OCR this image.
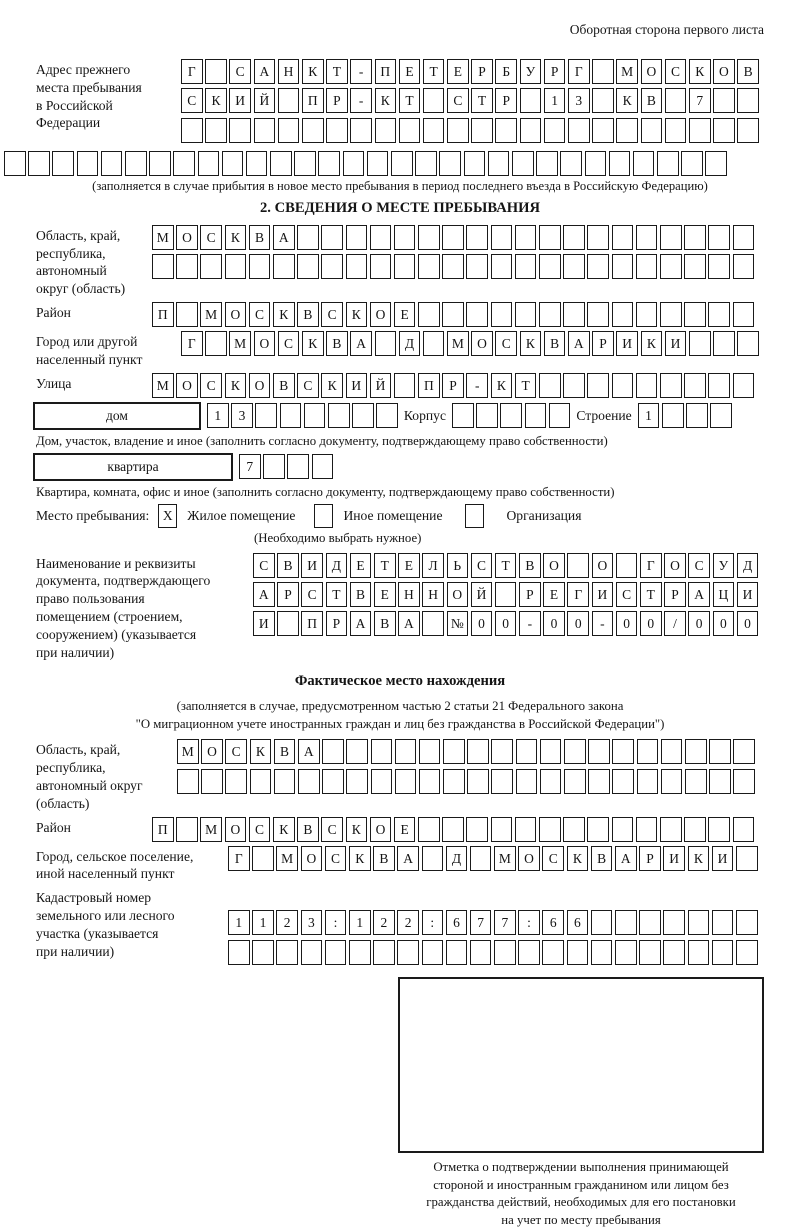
Оборотная сторона первого листа
Адрес прежнего
места пребывания
в Российской
Федерации
Г	С	А	Н	К	Т	-	П	Е	Т	Е	Р	Б	У	Р	Г	М О	С	К	О	В
С	К	И	Й	П	Р	-	К	Т	С	Т	Р	1	3	К	В	7
(заполняется в случае прибытия в новое место пребывания в период последнего въезда в Российскую Федерацию)
2. СВЕДЕНИЯ О МЕСТЕ ПРЕБЫВАНИЯ
Область, край,
республика,
автономный
округ (область)
М О	С	К	В	А
Район	П	М О	С	К	В	С	К	О	Е
Город или другой
населенный пункт
Г	М О	С	К	В	А	Д	М О	С	К	В	А	Р	И	К	И
Улица	М О	С	К	О	В	С	К	И	Й	П	Р	-	К	Т
дом	1	3	Корпус	Строение 1
Дом, участок, владение и иное (заполнить согласно документу, подтверждающему право собственности)
квартира	7
Квартира, комната, офис и иное (заполнить согласно документу, подтверждающему право собственности)
Место пребывания:	X	Жилое помещение	Иное помещение	Организация
(Необходимо выбрать нужное)
Наименование и реквизиты
документа, подтверждающего
право пользования
помещением (строением,
сооружением) (указывается
при наличии)
С	В	И	Д	Е	Т	Е	Л	Ь	С	Т	В	О	О	Г	О	С	У	Д
А	Р	С	Т	В	Е	Н	Н	О	Й	Р	Е	Г	И	С	Т	Р	А	Ц	И
И	П	Р	А	В	А	№	0	0	-	0	0	-	0	0	/	0	0	0
Фактическое место нахождения
(заполняется в случае, предусмотренном частью 2 статьи 21 Федерального закона
"О миграционном учете иностранных граждан и лиц без гражданства в Российской Федерации")
Область, край,
республика,
автономный округ
(область)
М О	С	К	В	А
Район	П	М О	С	К	В	С	К	О	Е
Город, сельское поселение,
иной населенный пункт
Г	М О	С	К	В	А	Д	М О	С	К	В	А	Р	И	К	И
Кадастровый номер
земельного или лесного
участка (указывается
при наличии)
1	1	2	3	:	1	2	2	:	6	7	7	:	6	6
Отметка о подтверждении выполнения принимающей
стороной и иностранным гражданином или лицом без
гражданства действий, необходимых для его постановки
на учет по месту пребывания
